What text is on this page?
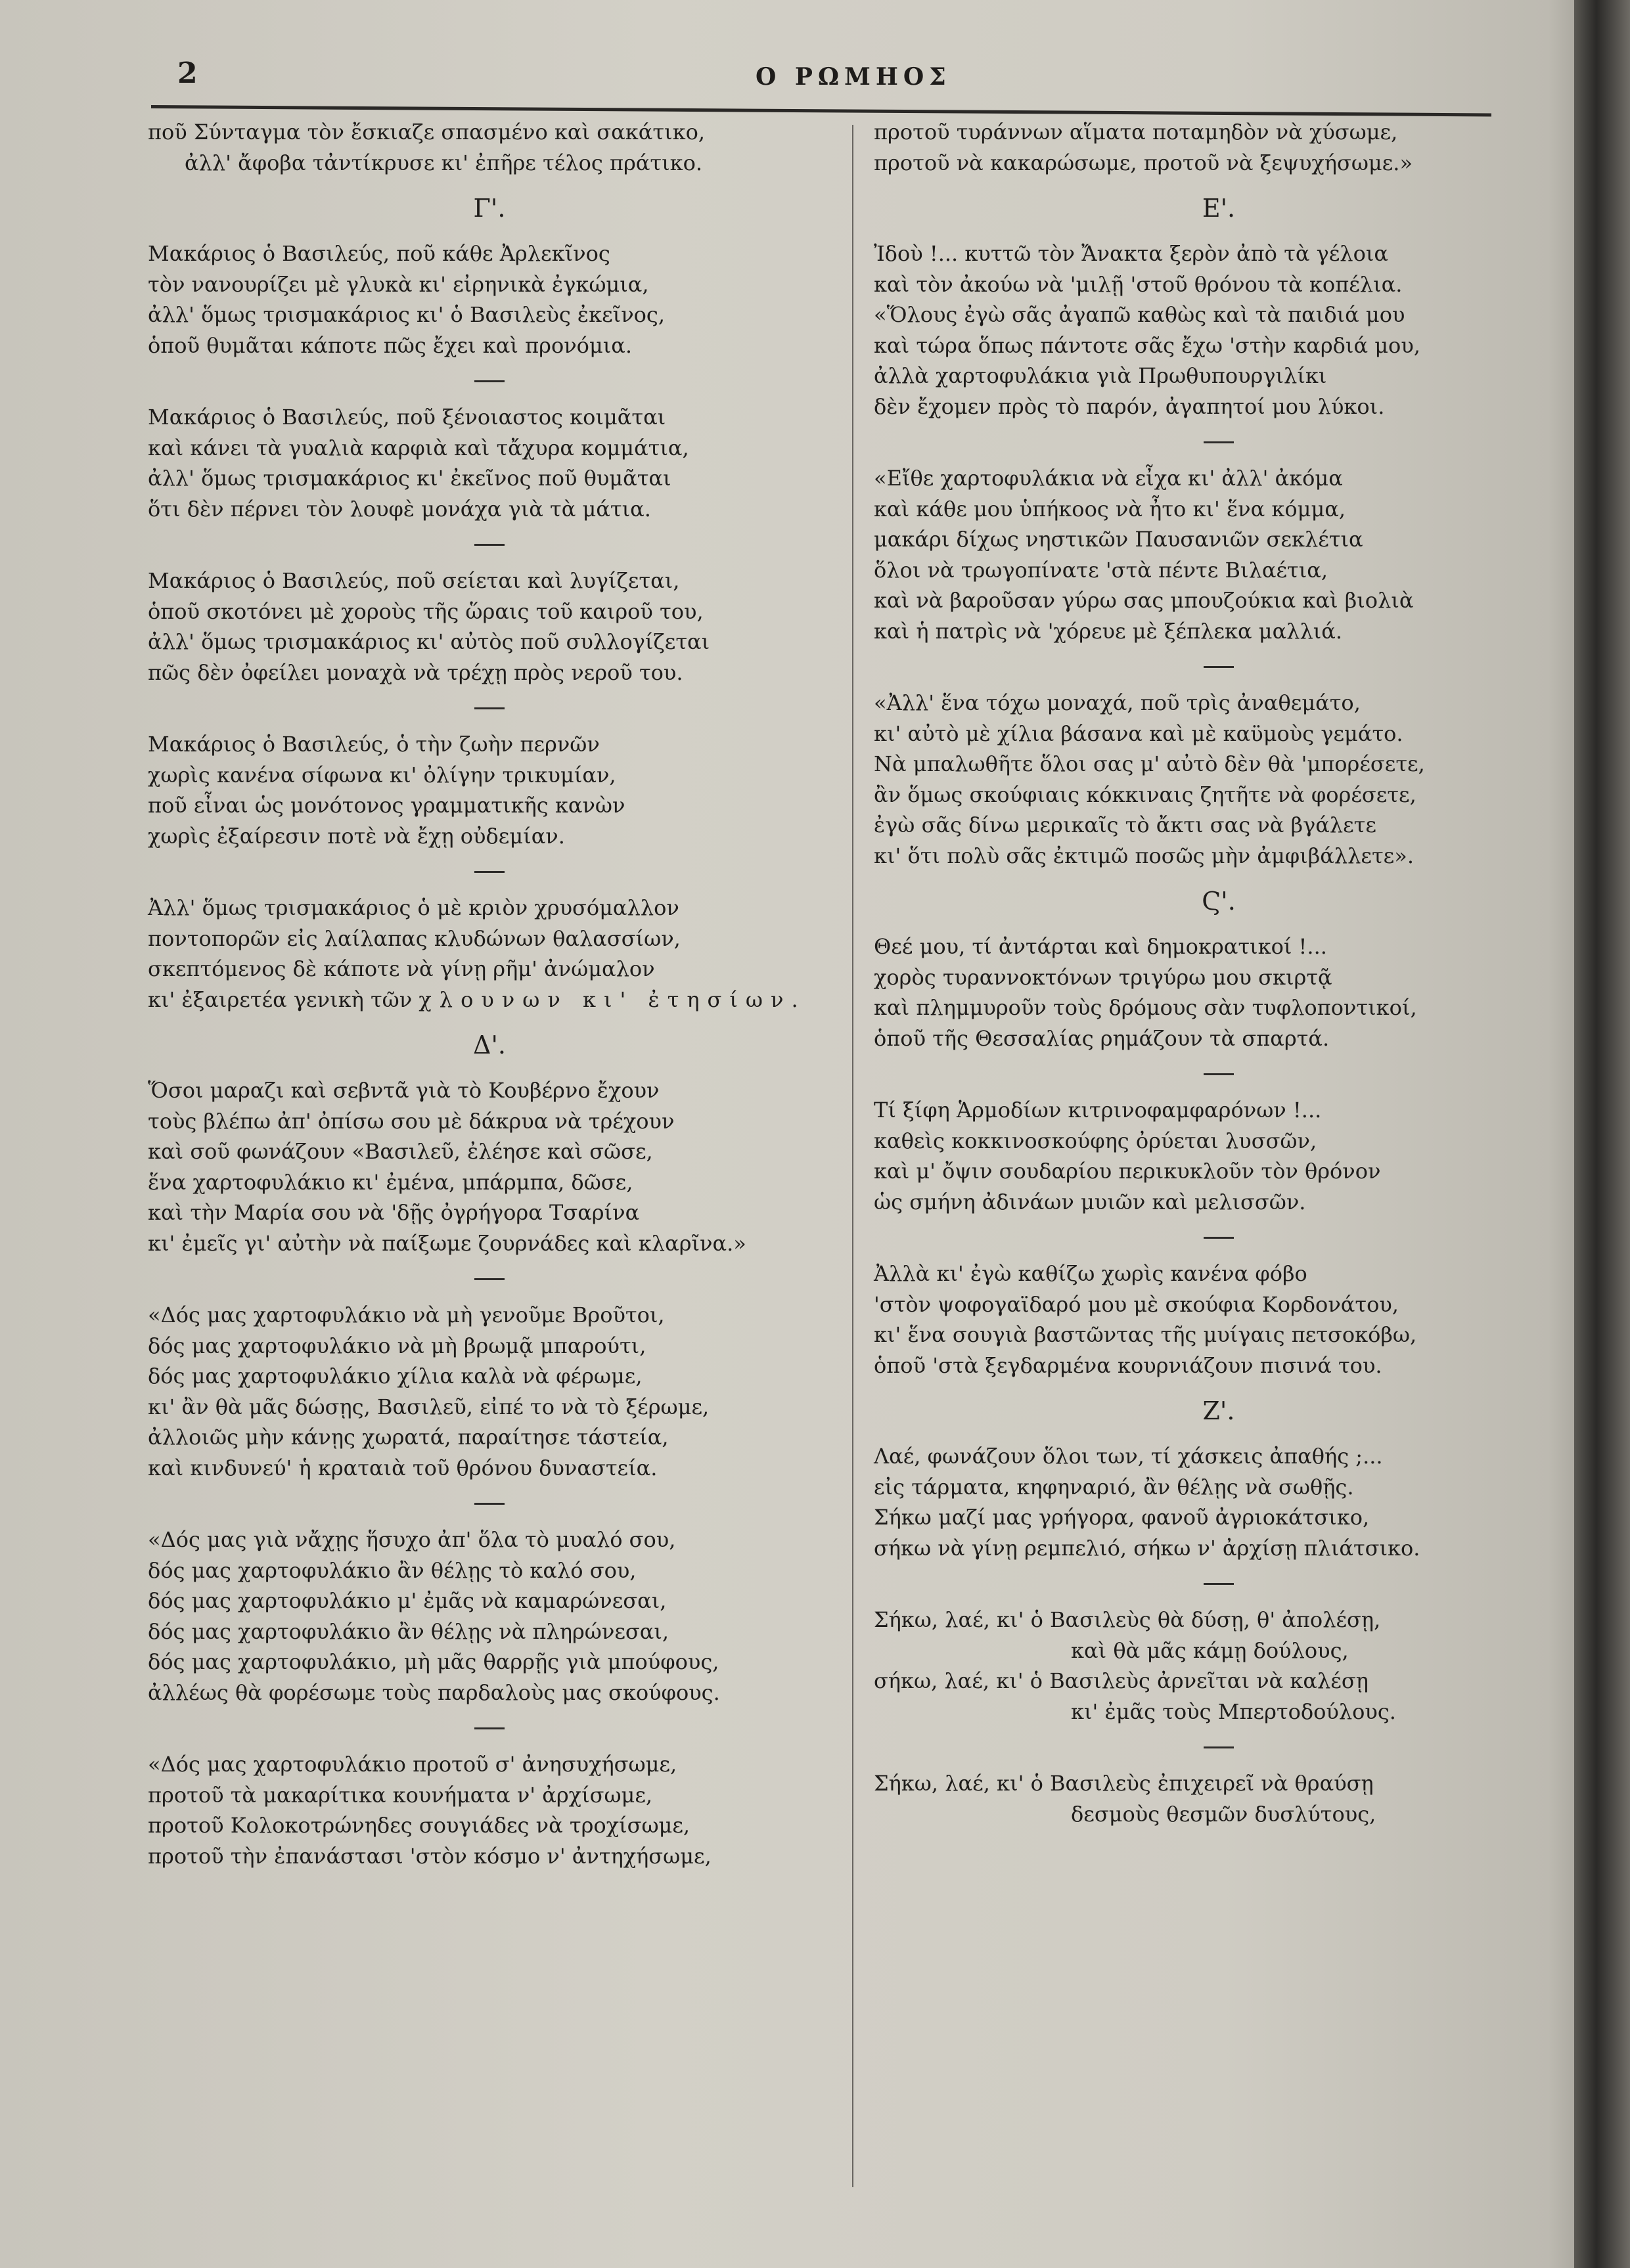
2	Ο ΡΩΜΗΟΣ
ποῦ Σύνταγμα τὸν ἔσκιαζε σπασμένο καὶ σακάτικο,
ἀλλ' ἄφοβα τἀντίκρυσε κι' ἐπῆρε τέλος πράτικο.
Γ'.
Μακάριος ὁ Βασιλεύς, ποῦ κάθε Ἀρλεκῖνος
τὸν νανουρίζει μὲ γλυκὰ κι' εἰρηνικὰ ἐγκώμια,
ἀλλ' ὅμως τρισμακάριος κι' ὁ Βασιλεὺς ἐκεῖνος,
ὁποῦ θυμᾶται κάποτε πῶς ἔχει καὶ προνόμια.
Μακάριος ὁ Βασιλεύς, ποῦ ξένοιαστος κοιμᾶται
καὶ κάνει τὰ γυαλιὰ καρφιὰ καὶ τἄχυρα κομμάτια,
ἀλλ' ὅμως τρισμακάριος κι' ἐκεῖνος ποῦ θυμᾶται
ὅτι δὲν πέρνει τὸν λουφὲ μονάχα γιὰ τὰ μάτια.
Μακάριος ὁ Βασιλεύς, ποῦ σείεται καὶ λυγίζεται,
ὁποῦ σκοτόνει μὲ χοροὺς τῆς ὥραις τοῦ καιροῦ του,
ἀλλ' ὅμως τρισμακάριος κι' αὐτὸς ποῦ συλλογίζεται
πῶς δὲν ὀφείλει μοναχὰ νὰ τρέχῃ πρὸς νεροῦ του.
Μακάριος ὁ Βασιλεύς, ὁ τὴν ζωὴν περνῶν
χωρὶς κανένα σίφωνα κι' ὀλίγην τρικυμίαν,
ποῦ εἶναι ὡς μονότονος γραμματικῆς κανὼν
χωρὶς ἐξαίρεσιν ποτὲ νὰ ἔχῃ οὐδεμίαν.
Ἀλλ' ὅμως τρισμακάριος ὁ μὲ κριὸν χρυσόμαλλον
ποντοπορῶν εἰς λαίλαπας κλυδώνων θαλασσίων,
σκεπτόμενος δὲ κάποτε νὰ γίνῃ ρῆμ' ἀνώμαλον
κι' ἐξαιρετέα γενικὴ τῶν χλουνων κι' ἐτησίων.
Δ'.
Ὅσοι μαραζι καὶ σεβντᾶ γιὰ τὸ Κουβέρνο ἔχουν
τοὺς βλέπω ἀπ' ὀπίσω σου μὲ δάκρυα νὰ τρέχουν
καὶ σοῦ φωνάζουν «Βασιλεῦ, ἐλέησε καὶ σῶσε,
ἕνα χαρτοφυλάκιο κι' ἐμένα, μπάρμπα, δῶσε,
καὶ τὴν Μαρία σου νὰ 'δῇς ὀγρήγορα Τσαρίνα
κι' ἐμεῖς γι' αὐτὴν νὰ παίξωμε ζουρνάδες καὶ κλαρῖνα.»
«Δός μας χαρτοφυλάκιο νὰ μὴ γενοῦμε Βροῦτοι,
δός μας χαρτοφυλάκιο νὰ μὴ βρωμᾷ μπαρούτι,
δός μας χαρτοφυλάκιο χίλια καλὰ νὰ φέρωμε,
κι' ἂν θὰ μᾶς δώσῃς, Βασιλεῦ, εἰπέ το νὰ τὸ ξέρωμε,
ἀλλοιῶς μὴν κάνῃς χωρατά, παραίτησε τάστεία,
καὶ κινδυνεύ' ἡ κραταιὰ τοῦ θρόνου δυναστεία.
«Δός μας γιὰ νἄχῃς ἥσυχο ἀπ' ὅλα τὸ μυαλό σου,
δός μας χαρτοφυλάκιο ἂν θέλῃς τὸ καλό σου,
δός μας χαρτοφυλάκιο μ' ἐμᾶς νὰ καμαρώνεσαι,
δός μας χαρτοφυλάκιο ἂν θέλῃς νὰ πληρώνεσαι,
δός μας χαρτοφυλάκιο, μὴ μᾶς θαρρῇς γιὰ μπούφους,
ἀλλέως θὰ φορέσωμε τοὺς παρδαλοὺς μας σκούφους.
«Δός μας χαρτοφυλάκιο προτοῦ σ' ἀνησυχήσωμε,
προτοῦ τὰ μακαρίτικα κουνήματα ν' ἀρχίσωμε,
προτοῦ Κολοκοτρώνηδες σουγιάδες νὰ τροχίσωμε,
προτοῦ τὴν ἐπανάστασι 'στὸν κόσμο ν' ἀντηχήσωμε,
προτοῦ τυράννων αἵματα ποταμηδὸν νὰ χύσωμε,
προτοῦ νὰ κακαρώσωμε, προτοῦ νὰ ξεψυχήσωμε.»
Ε'.
Ἰδοὺ !... κυττῶ τὸν Ἄνακτα ξερὸν ἀπὸ τὰ γέλοια
καὶ τὸν ἀκούω νὰ 'μιλῇ 'στοῦ θρόνου τὰ κοπέλια.
«Ὅλους ἐγὼ σᾶς ἀγαπῶ καθὼς καὶ τὰ παιδιά μου
καὶ τώρα ὅπως πάντοτε σᾶς ἔχω 'στὴν καρδιά μου,
ἀλλὰ χαρτοφυλάκια γιὰ Πρωθυπουργιλίκι
δὲν ἔχομεν πρὸς τὸ παρόν, ἀγαπητοί μου λύκοι.
«Εἴθε χαρτοφυλάκια νὰ εἶχα κι' ἀλλ' ἀκόμα
καὶ κάθε μου ὑπήκοος νὰ ἦτο κι' ἕνα κόμμα,
μακάρι δίχως νηστικῶν Παυσανιῶν σεκλέτια
ὅλοι νὰ τρωγοπίνατε 'στὰ πέντε Βιλαέτια,
καὶ νὰ βαροῦσαν γύρω σας μπουζούκια καὶ βιολιὰ
καὶ ἡ πατρὶς νὰ 'χόρευε μὲ ξέπλεκα μαλλιά.
«Ἀλλ' ἕνα τόχω μοναχά, ποῦ τρὶς ἀναθεμάτο,
κι' αὐτὸ μὲ χίλια βάσανα καὶ μὲ καϋμοὺς γεμάτο.
Νὰ μπαλωθῆτε ὅλοι σας μ' αὐτὸ δὲν θὰ 'μπορέσετε,
ἂν ὅμως σκούφιαις κόκκιναις ζητῆτε νὰ φορέσετε,
ἐγὼ σᾶς δίνω μερικαῖς τὸ ἄκτι σας νὰ βγάλετε
κι' ὅτι πολὺ σᾶς ἐκτιμῶ ποσῶς μὴν ἀμφιβάλλετε».
Ϛ'.
Θεέ μου, τί ἀντάρται καὶ δημοκρατικοί !...
χορὸς τυραννοκτόνων τριγύρω μου σκιρτᾷ
καὶ πλημμυροῦν τοὺς δρόμους σὰν τυφλοποντικοί,
ὁποῦ τῆς Θεσσαλίας ρημάζουν τὰ σπαρτά.
Τί ξίφη Ἁρμοδίων κιτρινοφαμφαρόνων !...
καθεὶς κοκκινοσκούφης ὀρύεται λυσσῶν,
καὶ μ' ὄψιν σουδαρίου περικυκλοῦν τὸν θρόνον
ὡς σμήνη ἀδινάων μυιῶν καὶ μελισσῶν.
Ἀλλὰ κι' ἐγὼ καθίζω χωρὶς κανένα φόβο
'στὸν ψοφογαϊδαρό μου μὲ σκούφια Κορδονάτου,
κι' ἕνα σουγιὰ βαστῶντας τῆς μυίγαις πετσοκόβω,
ὁποῦ 'στὰ ξεγδαρμένα κουρνιάζουν πισινά του.
Ζ'.
Λαέ, φωνάζουν ὅλοι των, τί χάσκεις ἀπαθής ;...
εἰς τάρματα, κηφηναριό, ἂν θέλῃς νὰ σωθῇς.
Σήκω μαζί μας γρήγορα, φανοῦ ἀγριοκάτσικο,
σήκω νὰ γίνῃ ρεμπελιό, σήκω ν' ἀρχίσῃ πλιάτσικο.
Σήκω, λαέ, κι' ὁ Βασιλεὺς θὰ δύσῃ, θ' ἀπολέσῃ,
καὶ θὰ μᾶς κάμῃ δούλους,
σήκω, λαέ, κι' ὁ Βασιλεὺς ἀρνεῖται νὰ καλέσῃ
κι' ἐμᾶς τοὺς Μπερτοδούλους.
Σήκω, λαέ, κι' ὁ Βασιλεὺς ἐπιχειρεῖ νὰ θραύσῃ
δεσμοὺς θεσμῶν δυσλύτους,
